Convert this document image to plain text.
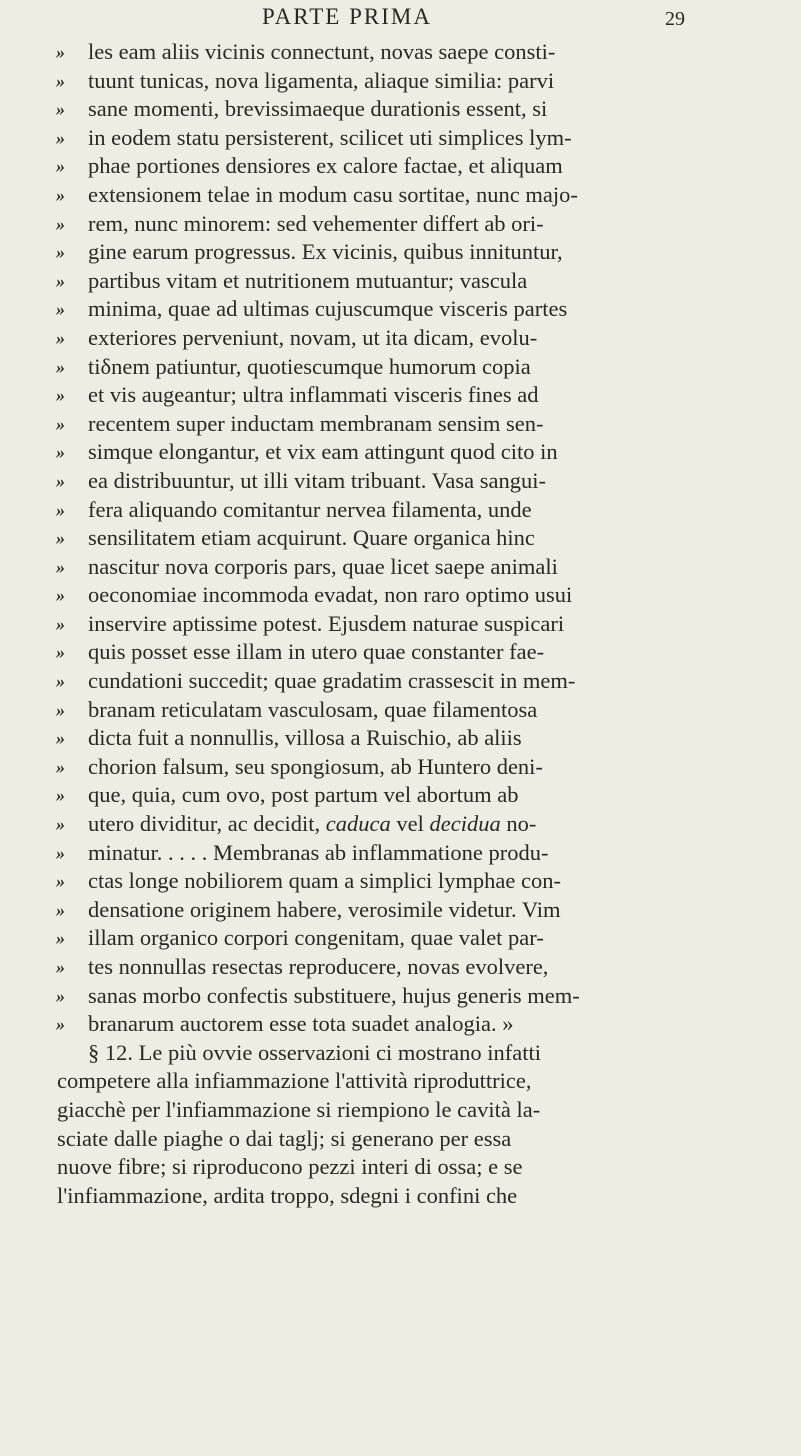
PARTE PRIMA	29
»	les eam aliis vicinis connectunt, novas saepe consti-
»	tuunt tunicas, nova ligamenta, aliaque similia: parvi
»	sane momenti, brevissimaeque durationis essent, si
»	in eodem statu persisterent, scilicet uti simplices lym-
»	phae portiones densiores ex calore factae, et aliquam
»	extensionem telae in modum casu sortitae, nunc majo-
»	rem, nunc minorem: sed vehementer differt ab ori-
»	gine earum progressus. Ex vicinis, quibus innituntur,
»	partibus vitam et nutritionem mutuantur; vascula
»	minima, quae ad ultimas cujuscumque visceris partes
»	exteriores perveniunt, novam, ut ita dicam, evolu-
»	tiδnem patiuntur, quotiescumque humorum copia
»	et vis augeantur; ultra inflammati visceris fines ad
»	recentem super inductam membranam sensim sen-
»	simque elongantur, et vix eam attingunt quod cito in
»	ea distribuuntur, ut illi vitam tribuant. Vasa sangui-
»	fera aliquando comitantur nervea filamenta, unde
»	sensilitatem etiam acquirunt. Quare organica hinc
»	nascitur nova corporis pars, quae licet saepe animali
»	oeconomiae incommoda evadat, non raro optimo usui
»	inservire aptissime potest. Ejusdem naturae suspicari
»	quis posset esse illam in utero quae constanter fae-
»	cundationi succedit; quae gradatim crassescit in mem-
»	branam reticulatam vasculosam, quae filamentosa
»	dicta fuit a nonnullis, villosa a Ruischio, ab aliis
»	chorion falsum, seu spongiosum, ab Huntero deni-
»	que, quia, cum ovo, post partum vel abortum ab
»	utero dividitur, ac decidit, caduca vel decidua no-
»	minatur. . . . . Membranas ab inflammatione produ-
»	ctas longe nobiliorem quam a simplici lymphae con-
»	densatione originem habere, verosimile videtur. Vim
»	illam organico corpori congenitam, quae valet par-
»	tes nonnullas resectas reproducere, novas evolvere,
»	sanas morbo confectis substituere, hujus generis mem-
»	branarum auctorem esse tota suadet analogia. »
§ 12. Le più ovvie osservazioni ci mostrano infatti
competere alla infiammazione l'attività riproduttrice,
giacchè per l'infiammazione si riempiono le cavità la-
sciate dalle piaghe o dai taglj; si generano per essa
nuove fibre; si riproducono pezzi interi di ossa; e se
l'infiammazione, ardita troppo, sdegni i confini che
